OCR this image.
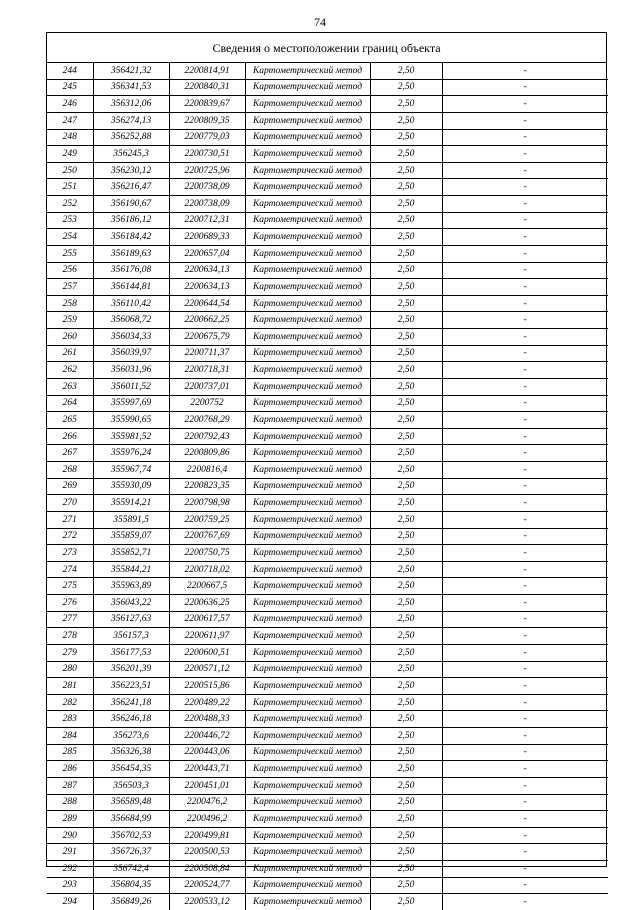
74
Сведения о местоположении границ объекта
244	356421,32	2200814,91	Картометрический метод	2,50	-
245	356341,53	2200840,31	Картометрический метод	2,50	-
246	356312,06	2200839,67	Картометрический метод	2,50	-
247	356274,13	2200809,35	Картометрический метод	2,50	-
248	356252,88	2200779,03	Картометрический метод	2,50	-
249	356245,3	2200730,51	Картометрический метод	2,50	-
250	356230,12	2200725,96	Картометрический метод	2,50	-
251	356216,47	2200738,09	Картометрический метод	2,50	-
252	356190,67	2200738,09	Картометрический метод	2,50	-
253	356186,12	2200712,31	Картометрический метод	2,50	-
254	356184,42	2200689,33	Картометрический метод	2,50	-
255	356189,63	2200657,04	Картометрический метод	2,50	-
256	356176,08	2200634,13	Картометрический метод	2,50	-
257	356144,81	2200634,13	Картометрический метод	2,50	-
258	356110,42	2200644,54	Картометрический метод	2,50	-
259	356068,72	2200662,25	Картометрический метод	2,50	-
260	356034,33	2200675,79	Картометрический метод	2,50	-
261	356039,97	2200711,37	Картометрический метод	2,50	-
262	356031,96	2200718,31	Картометрический метод	2,50	-
263	356011,52	2200737,01	Картометрический метод	2,50	-
264	355997,69	2200752	Картометрический метод	2,50	-
265	355990,65	2200768,29	Картометрический метод	2,50	-
266	355981,52	2200792,43	Картометрический метод	2,50	-
267	355976,24	2200809,86	Картометрический метод	2,50	-
268	355967,74	2200816,4	Картометрический метод	2,50	-
269	355930,09	2200823,35	Картометрический метод	2,50	-
270	355914,21	2200798,98	Картометрический метод	2,50	-
271	355891,5	2200759,25	Картометрический метод	2,50	-
272	355859,07	2200767,69	Картометрический метод	2,50	-
273	355852,71	2200750,75	Картометрический метод	2,50	-
274	355844,21	2200718,02	Картометрический метод	2,50	-
275	355963,89	2200667,5	Картометрический метод	2,50	-
276	356043,22	2200636,25	Картометрический метод	2,50	-
277	356127,63	2200617,57	Картометрический метод	2,50	-
278	356157,3	2200611,97	Картометрический метод	2,50	-
279	356177,53	2200600,51	Картометрический метод	2,50	-
280	356201,39	2200571,12	Картометрический метод	2,50	-
281	356223,51	2200515,86	Картометрический метод	2,50	-
282	356241,18	2200489,22	Картометрический метод	2,50	-
283	356246,18	2200488,33	Картометрический метод	2,50	-
284	356273,6	2200446,72	Картометрический метод	2,50	-
285	356326,38	2200443,06	Картометрический метод	2,50	-
286	356454,35	2200443,71	Картометрический метод	2,50	-
287	356503,3	2200451,01	Картометрический метод	2,50	-
288	356589,48	2200476,2	Картометрический метод	2,50	-
289	356684,99	2200496,2	Картометрический метод	2,50	-
290	356702,53	2200499,81	Картометрический метод	2,50	-
291	356726,37	2200500,53	Картометрический метод	2,50	-
292	356742,4	2200508,84	Картометрический метод	2,50	-
293	356804,35	2200524,77	Картометрический метод	2,50	-
294	356849,26	2200533,12	Картометрический метод	2,50	-
